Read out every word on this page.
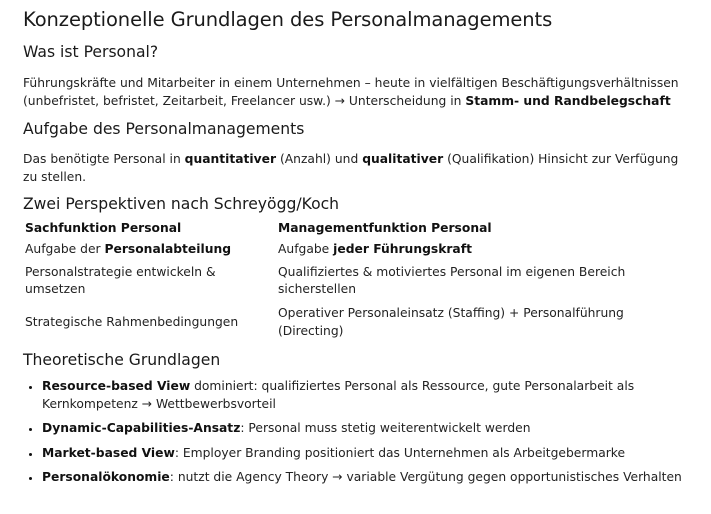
Konzeptionelle Grundlagen des Personalmanagements
Was ist Personal?

Führungskräfte und Mitarbeiter in einem Unternehmen – heute in vielfältigen Beschäftigungsverhältnissen (unbefristet, befristet, Zeitarbeit, Freelancer usw.) → Unterscheidung in Stamm- und Randbelegschaft

Aufgabe des Personalmanagements

Das benötigte Personal in quantitativer (Anzahl) und qualitativer (Qualifikation) Hinsicht zur Verfügung zu stellen.

Zwei Perspektiven nach Schreyögg/Koch
Sachfunktion Personal	Managementfunktion Personal
Aufgabe der Personalabteilung	Aufgabe jeder Führungskraft
Personalstrategie entwickeln & umsetzen	Qualifiziertes & motiviertes Personal im eigenen Bereich sicherstellen
Strategische Rahmenbedingungen	Operativer Personaleinsatz (Staffing) + Personalführung (Directing)
Theoretische Grundlagen
• Resource-based View dominiert: qualifiziertes Personal als Ressource, gute Personalarbeit als Kernkompetenz → Wettbewerbsvorteil
• Dynamic-Capabilities-Ansatz: Personal muss stetig weiterentwickelt werden
• Market-based View: Employer Branding positioniert das Unternehmen als Arbeitgebermarke
• Personalökonomie: nutzt die Agency Theory → variable Vergütung gegen opportunistisches Verhalten
